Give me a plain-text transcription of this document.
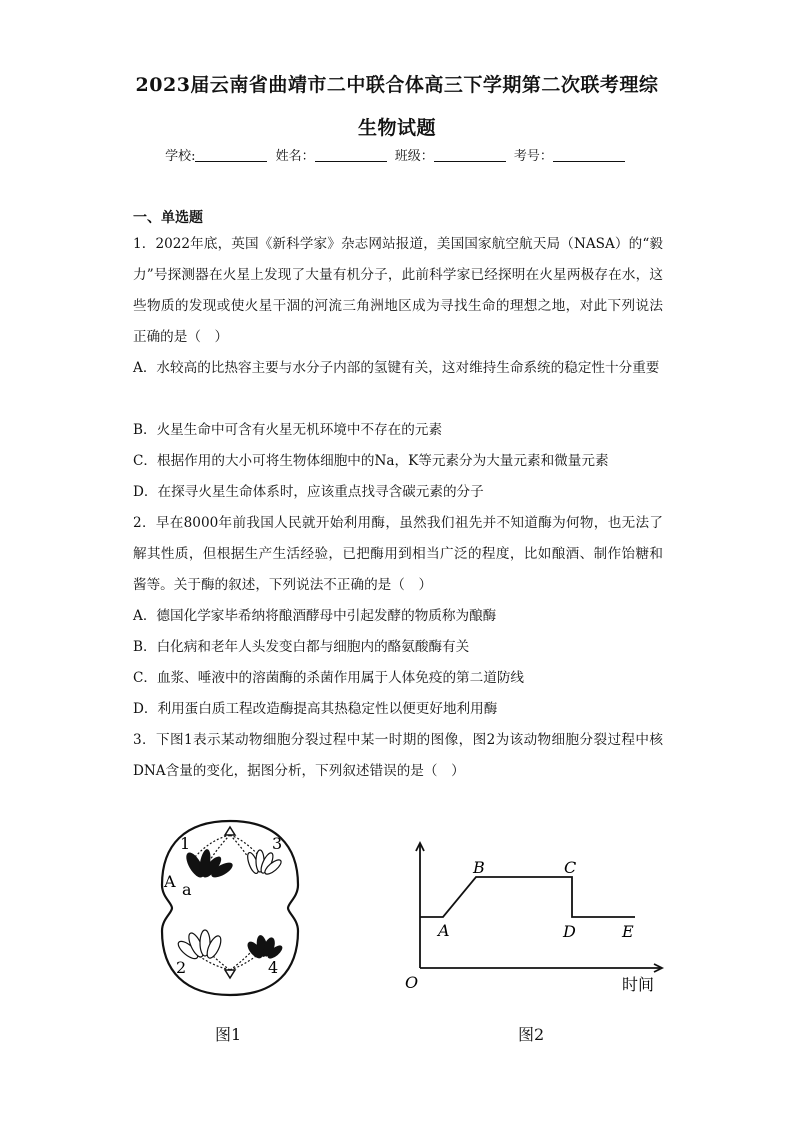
2023届云南省曲靖市二中联合体高三下学期第二次联考理综
生物试题
学校:	姓名：	班级：	考号：
一、单选题
1．2022年底，英国《新科学家》杂志网站报道，美国国家航空航天局（NASA）的“毅力”号探测器在火星上发现了大量有机分子，此前科学家已经探明在火星两极存在水，这些物质的发现或使火星干涸的河流三角洲地区成为寻找生命的理想之地，对此下列说法正确的是（　）
A．水较高的比热容主要与水分子内部的氢键有关，这对维持生命系统的稳定性十分重要
B．火星生命中可含有火星无机环境中不存在的元素
C．根据作用的大小可将生物体细胞中的Na，K等元素分为大量元素和微量元素
D．在探寻火星生命体系时，应该重点找寻含碳元素的分子
2．早在8000年前我国人民就开始利用酶，虽然我们祖先并不知道酶为何物，也无法了解其性质，但根据生产生活经验，已把酶用到相当广泛的程度，比如酿酒、制作饴糖和酱等。关于酶的叙述，下列说法不正确的是（　）
A．德国化学家毕希纳将酿酒酵母中引起发酵的物质称为酿酶
B．白化病和老年人头发变白都与细胞内的酪氨酸酶有关
C．血浆、唾液中的溶菌酶的杀菌作用属于人体免疫的第二道防线
D．利用蛋白质工程改造酶提高其热稳定性以便更好地利用酶
3．下图1表示某动物细胞分裂过程中某一时期的图像，图2为该动物细胞分裂过程中核DNA含量的变化，据图分析，下列叙述错误的是（　）
1	3
A a
2	4
图1
A
B	C
D	E
O	时间
图2
